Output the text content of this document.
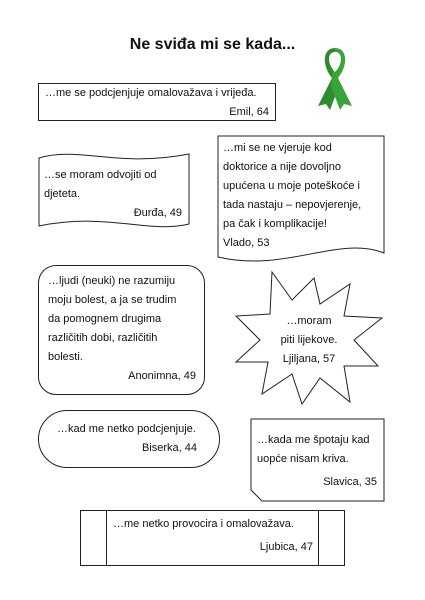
Ne sviđa mi se kada...

…me se podcjenjuje omalovažava i vrijeđa.

Emil, 64

…se moram odvojiti od

djeteta.

Đurđa, 49

…mi se ne vjeruje kod

doktorice a nije dovoljno

upućena u moje poteškoće i

tada nastaju – nepovjerenje,

pa čak i komplikacije!

Vlado, 53

…ljudi (neuki) ne razumiju

moju bolest, a ja se trudim

da pomognem drugima

različitih dobi, različitih

bolesti.

Anonimna, 49

…moram

piti lijekove.

Ljiljana, 57

…kad me netko podcjenjuje.

Biserka, 44

…kada me špotaju kad

uopće nisam kriva.

Slavica, 35

…me netko provocira i omalovažava.

Ljubica, 47
